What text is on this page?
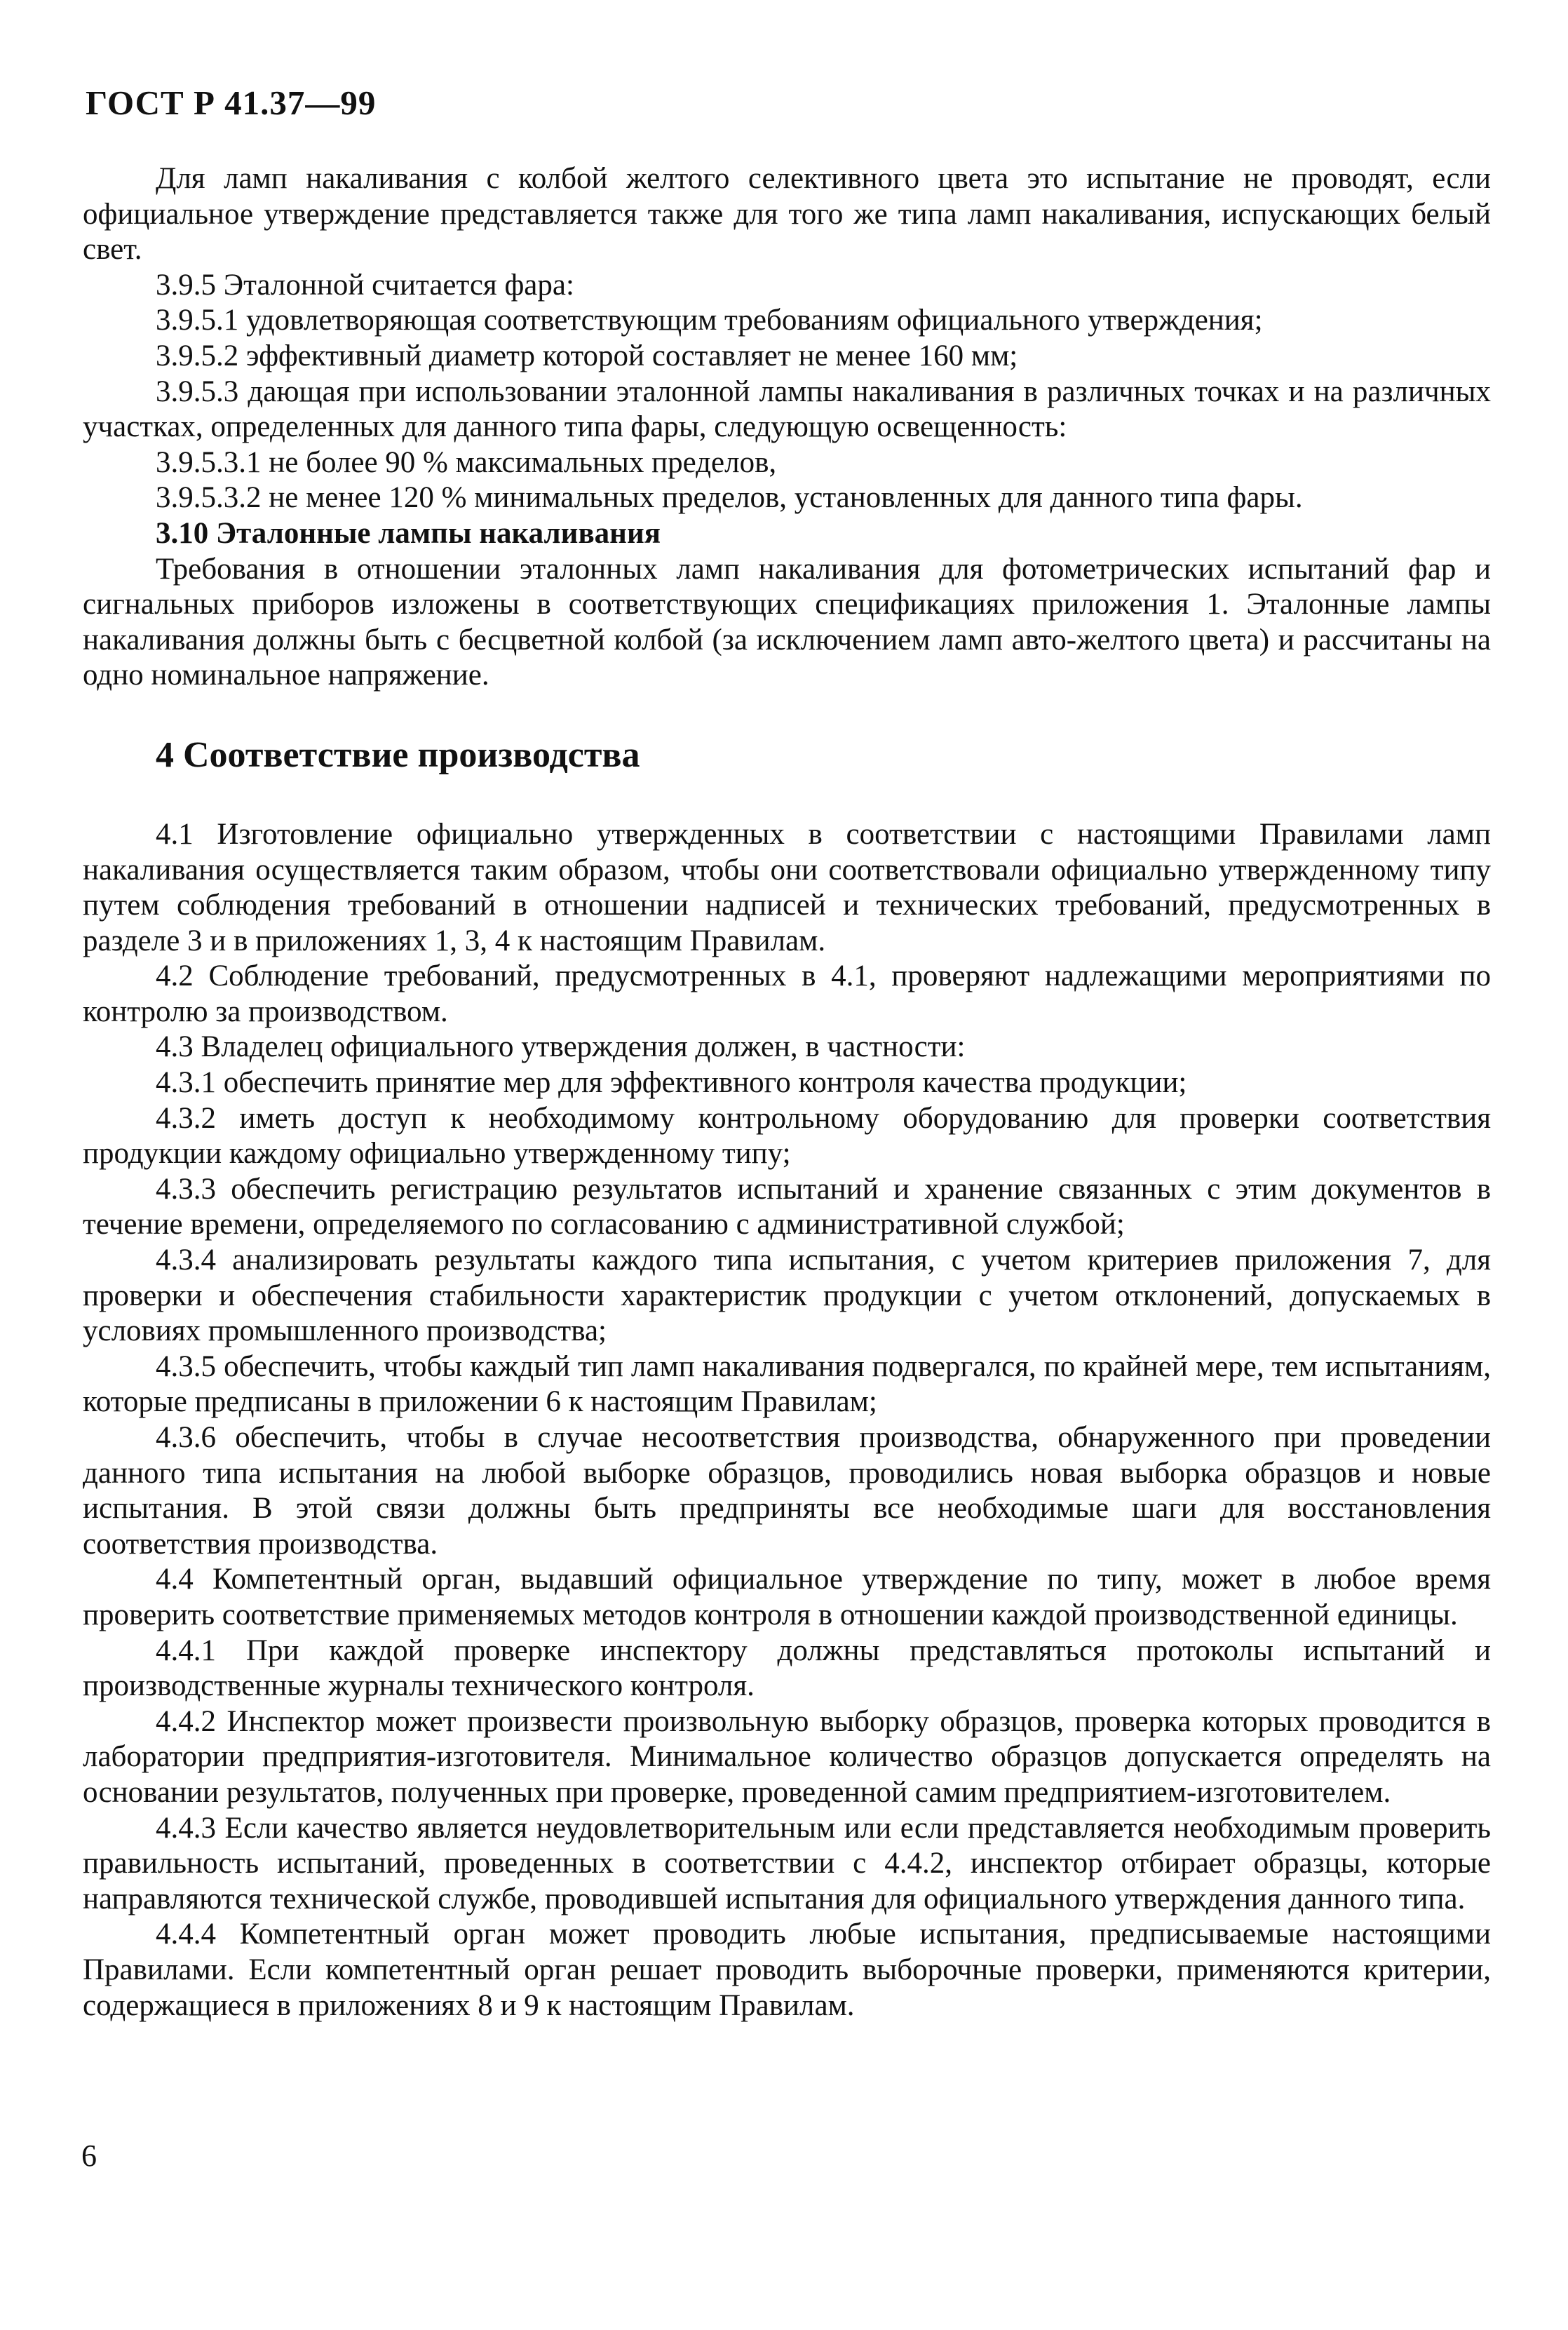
ГОСТ Р 41.37—99

Для ламп накаливания с колбой желтого селективного цвета это испытание не проводят, если официальное утверждение представляется также для того же типа ламп накаливания, испускающих белый свет.

3.9.5 Эталонной считается фара:

3.9.5.1 удовлетворяющая соответствующим требованиям официального утверждения;

3.9.5.2 эффективный диаметр которой составляет не менее 160 мм;

3.9.5.3 дающая при использовании эталонной лампы накаливания в различных точках и на различных участках, определенных для данного типа фары, следующую освещенность:

3.9.5.3.1 не более 90 % максимальных пределов,

3.9.5.3.2 не менее 120 % минимальных пределов, установленных для данного типа фары.

3.10 Эталонные лампы накаливания

Требования в отношении эталонных ламп накаливания для фотометрических испытаний фар и сигнальных приборов изложены в соответствующих спецификациях приложения 1. Эталонные лампы накаливания должны быть с бесцветной колбой (за исключением ламп авто-желтого цвета) и рассчитаны на одно номинальное напряжение.

4 Соответствие производства

4.1 Изготовление официально утвержденных в соответствии с настоящими Правилами ламп накаливания осуществляется таким образом, чтобы они соответствовали официально утвержденному типу путем соблюдения требований в отношении надписей и технических требований, предусмотренных в разделе 3 и в приложениях 1, 3, 4 к настоящим Правилам.

4.2 Соблюдение требований, предусмотренных в 4.1, проверяют надлежащими мероприятиями по контролю за производством.

4.3 Владелец официального утверждения должен, в частности:

4.3.1 обеспечить принятие мер для эффективного контроля качества продукции;

4.3.2 иметь доступ к необходимому контрольному оборудованию для проверки соответствия продукции каждому официально утвержденному типу;

4.3.3 обеспечить регистрацию результатов испытаний и хранение связанных с этим документов в течение времени, определяемого по согласованию с административной службой;

4.3.4 анализировать результаты каждого типа испытания, с учетом критериев приложения 7, для проверки и обеспечения стабильности характеристик продукции с учетом отклонений, допускаемых в условиях промышленного производства;

4.3.5 обеспечить, чтобы каждый тип ламп накаливания подвергался, по крайней мере, тем испытаниям, которые предписаны в приложении 6 к настоящим Правилам;

4.3.6 обеспечить, чтобы в случае несоответствия производства, обнаруженного при проведении данного типа испытания на любой выборке образцов, проводились новая выборка образцов и новые испытания. В этой связи должны быть предприняты все необходимые шаги для восстановления соответствия производства.

4.4 Компетентный орган, выдавший официальное утверждение по типу, может в любое время проверить соответствие применяемых методов контроля в отношении каждой производственной единицы.

4.4.1 При каждой проверке инспектору должны представляться протоколы испытаний и производственные журналы технического контроля.

4.4.2 Инспектор может произвести произвольную выборку образцов, проверка которых проводится в лаборатории предприятия-изготовителя. Минимальное количество образцов допускается определять на основании результатов, полученных при проверке, проведенной самим предприятием-изготовителем.

4.4.3 Если качество является неудовлетворительным или если представляется необходимым проверить правильность испытаний, проведенных в соответствии с 4.4.2, инспектор отбирает образцы, которые направляются технической службе, проводившей испытания для официального утверждения данного типа.

4.4.4 Компетентный орган может проводить любые испытания, предписываемые настоящими Правилами. Если компетентный орган решает проводить выборочные проверки, применяются критерии, содержащиеся в приложениях 8 и 9 к настоящим Правилам.

6
